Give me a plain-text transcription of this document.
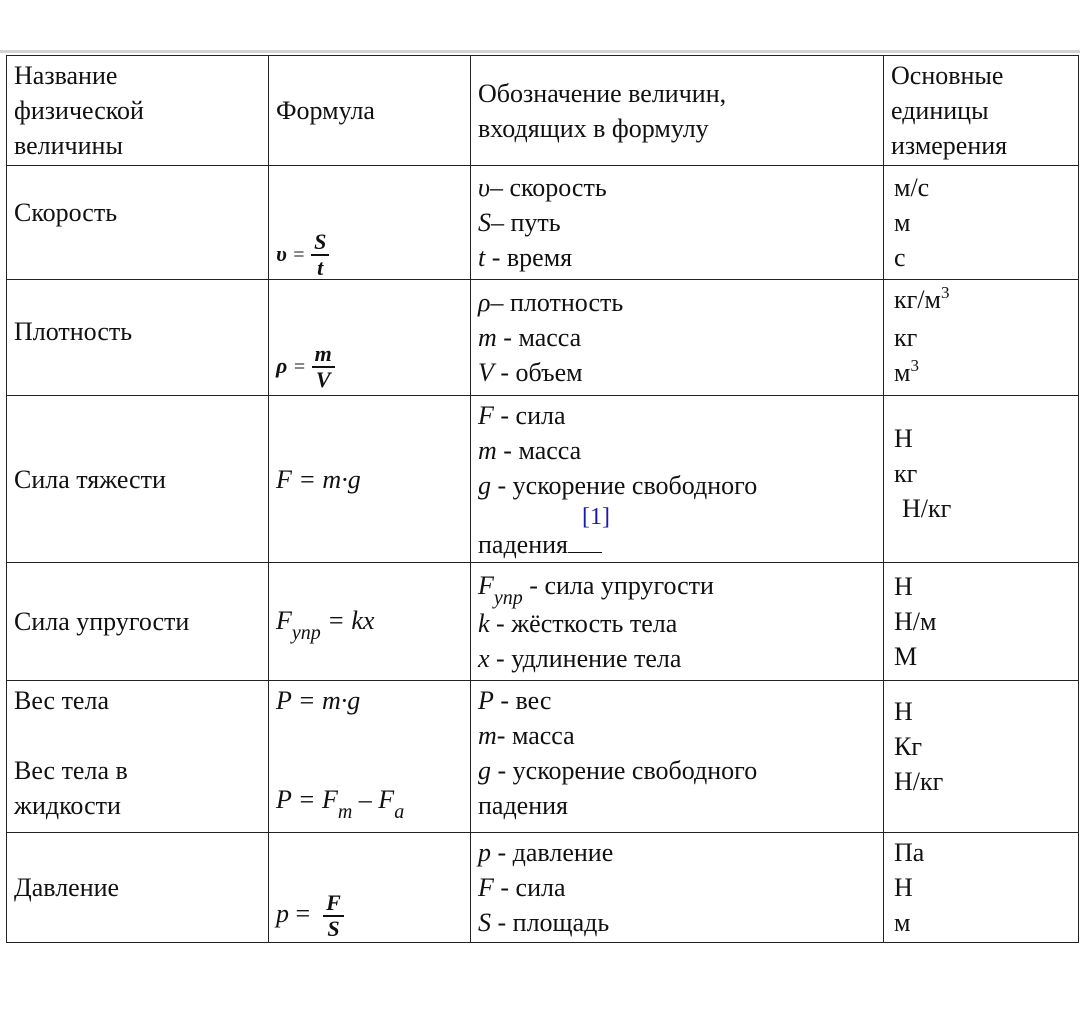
Название
физической
величины	Формула	Обозначение величин,
входящих в формулу	Основные
единицы
измерения

Скорость	$\upsilon = \frac{S}{t}$	υ– скорость
S– путь
t - время	м/с
м
с

Плотность	$\rho = \frac{m}{V}$	ρ– плотность
m - масса
V - объем	$кг/м^3$
кг
$м^3$

Сила тяжести	F = m·g	F - сила
m - масса
g - ускорение свободного
[1]
падения	Н
кг
Н/кг

Сила упругости	$F_{упр}$ = kx	$F_{упр}$ - сила упругости
k - жёсткость тела
x - удлинение тела	Н
Н/м
М

Вес тела
Вес тела в
жидкости	P = m·g
$P = F_т - F_a$	P - вес
m- масса
g - ускорение свободного
падения	Н
Кг
Н/кг

Давление	$p = \frac{F}{S}$	p - давление
F - сила
S - площадь	Па
Н
м
